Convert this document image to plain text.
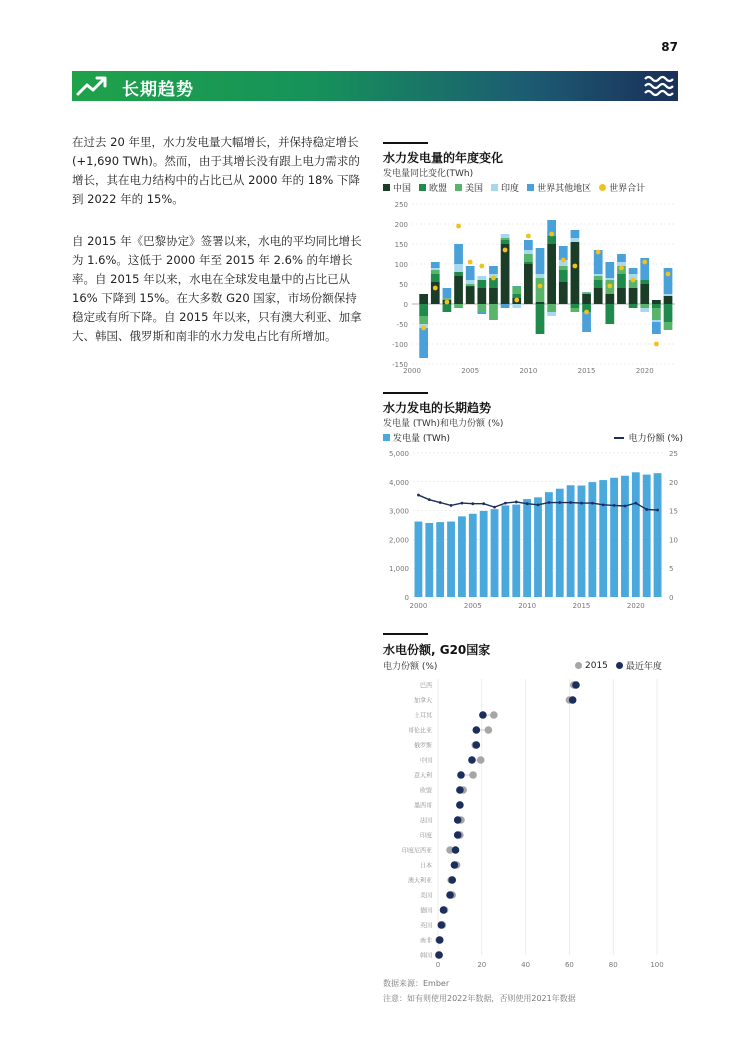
87
长期趋势

在过去 20 年里，水力发电量大幅增长，并保持稳定增长 (+1,690 TWh)。然而，由于其增长没有跟上电力需求的增长，其在电力结构中的占比已从 2000 年的 18% 下降到 2022 年的 15%。

自 2015 年《巴黎协定》签署以来，水电的平均同比增长为 1.6%。这低于 2000 年至 2015 年 2.6% 的年增长率。自 2015 年以来，水电在全球发电量中的占比已从 16% 下降到 15%。在大多数 G20 国家，市场份额保持稳定或有所下降。自 2015 年以来，只有澳大利亚、加拿大、韩国、俄罗斯和南非的水力发电占比有所增加。

水力发电量的年度变化
发电量同比变化(TWh)
中国 欧盟 美国 印度 世界其他地区 世界合计
250
200
150
100
50
0
-50
-100
-150
2000	2005	2010	2015	2020
水力发电的长期趋势
发电量 (TWh)和电力份额 (%)
发电量 (TWh)	电力份额 (%)
5,000
4,000
3,000
2,000
1,000
0
25
20
15
10
5
0
2000	2005	2010	2015	2020
水电份额, G20国家
电力份额 (%)	2015 最近年度
0	20	40	60	80	100
巴西
加拿大
土耳其
哥伦比亚
俄罗斯
中国
意大利
欧盟
墨西哥
法国
印度
印度尼西亚
日本
澳大利亚
美国
德国
英国
南非
韩国
数据来源：Ember
注意：如有则使用2022年数据，否则使用2021年数据
